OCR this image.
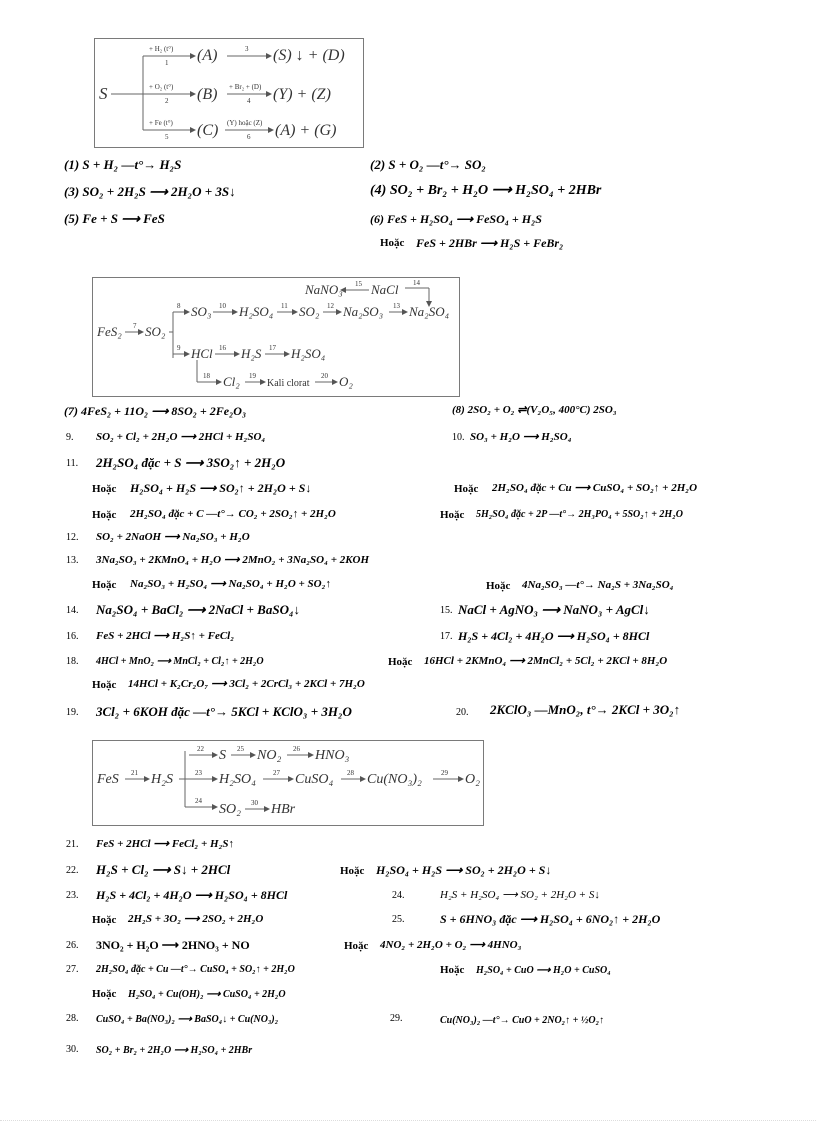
S
+ H₂ (t°)
1 (A)	3 (S) ↓ + (D)
+ O₂ (t°)
2 (B) + Br₂ + (D)
4 (Y) + (Z)
+ Fe (t°)
5 (C) (Y) hoặc (Z)
6 (A) + (G)
(1) S + H₂ ―t°→ H₂S	(2) S + O₂ ―t°→ SO₂
(3) SO₂ + 2H₂S ⟶ 2H₂O + 3S↓	(4) SO₂ + Br₂ + H₂O ⟶ H₂SO₄ + 2HBr
(5) Fe + S ⟶ FeS	(6) FeS + H₂SO₄ ⟶ FeSO₄ + H₂S
Hoặc FeS + 2HBr ⟶ H₂S + FeBr₂
NaNO₃ 15 NaCl 14
FeS₂ 7 SO₂
8 SO₃ 10 H₂SO₄ 11 SO₂ 12 Na₂SO₃ 13 Na₂SO₄
9 HCl 16 H₂S 17 H₂SO₄
18 Cl₂ 19
Kali clorat
20 O₂
(7) 4FeS₂ + 11O₂ ⟶ 8SO₂ + 2Fe₂O₃	(8) 2SO₂ + O₂ ⇌(V₂O₅, 400°C) 2SO₃
9. SO₂ + Cl₂ + 2H₂O ⟶ 2HCl + H₂SO₄	10. SO₃ + H₂O ⟶ H₂SO₄
11. 2H₂SO₄ đặc + S ⟶ 3SO₂↑ + 2H₂O
Hoặc H₂SO₄ + H₂S ⟶ SO₂↑ + 2H₂O + S↓	Hoặc 2H₂SO₄ đặc + Cu ⟶ CuSO₄ + SO₂↑ + 2H₂O
Hoặc 2H₂SO₄ đặc + C ―t°→ CO₂ + 2SO₂↑ + 2H₂O	Hoặc 5H₂SO₄ đặc + 2P ―t°→ 2H₃PO₄ + 5SO₂↑ + 2H₂O
12. SO₂ + 2NaOH ⟶ Na₂SO₃ + H₂O
13. 3Na₂SO₃ + 2KMnO₄ + H₂O ⟶ 2MnO₂ + 3Na₂SO₄ + 2KOH
Hoặc Na₂SO₃ + H₂SO₄ ⟶ Na₂SO₄ + H₂O + SO₂↑	Hoặc 4Na₂SO₃ ―t°→ Na₂S + 3Na₂SO₄
14. Na₂SO₄ + BaCl₂ ⟶ 2NaCl + BaSO₄↓	15. NaCl + AgNO₃ ⟶ NaNO₃ + AgCl↓
16. FeS + 2HCl ⟶ H₂S↑ + FeCl₂	17. H₂S + 4Cl₂ + 4H₂O ⟶ H₂SO₄ + 8HCl
18. 4HCl + MnO₂ ⟶ MnCl₂ + Cl₂↑ + 2H₂O	Hoặc 16HCl + 2KMnO₄ ⟶ 2MnCl₂ + 5Cl₂ + 2KCl + 8H₂O
Hoặc 14HCl + K₂Cr₂O₇ ⟶ 3Cl₂ + 2CrCl₃ + 2KCl + 7H₂O
19. 3Cl₂ + 6KOH đặc ―t°→ 5KCl + KClO₃ + 3H₂O	20. 2KClO₃ ―MnO₂, t°→ 2KCl + 3O₂↑
22 S 25 NO₂ 26 HNO₃
FeS 21 H₂S	23 H₂SO₄ 27 CuSO₄ 28 Cu(NO₃)₂	29 O₂
24
SO₂ 30 HBr
21. FeS + 2HCl ⟶ FeCl₂ + H₂S↑
22. H₂S + Cl₂ ⟶ S↓ + 2HCl	Hoặc H₂SO₄ + H₂S ⟶ SO₂ + 2H₂O + S↓
23. H₂S + 4Cl₂ + 4H₂O ⟶ H₂SO₄ + 8HCl	24.	H₂S + H₂SO₄ ⟶ SO₂ + 2H₂O + S↓
Hoặc 2H₂S + 3O₂ ⟶ 2SO₂ + 2H₂O	25.	S + 6HNO₃ đặc ⟶ H₂SO₄ + 6NO₂↑ + 2H₂O
26. 3NO₂ + H₂O ⟶ 2HNO₃ + NO	Hoặc 4NO₂ + 2H₂O + O₂ ⟶ 4HNO₃
27. 2H₂SO₄ đặc + Cu ―t°→ CuSO₄ + SO₂↑ + 2H₂O	Hoặc H₂SO₄ + CuO ⟶ H₂O + CuSO₄
Hoặc H₂SO₄ + Cu(OH)₂ ⟶ CuSO₄ + 2H₂O
28. CuSO₄ + Ba(NO₃)₂ ⟶ BaSO₄↓ + Cu(NO₃)₂	29.	Cu(NO₃)₂ ―t°→ CuO + 2NO₂↑ + ½O₂↑
30. SO₂ + Br₂ + 2H₂O ⟶ H₂SO₄ + 2HBr
